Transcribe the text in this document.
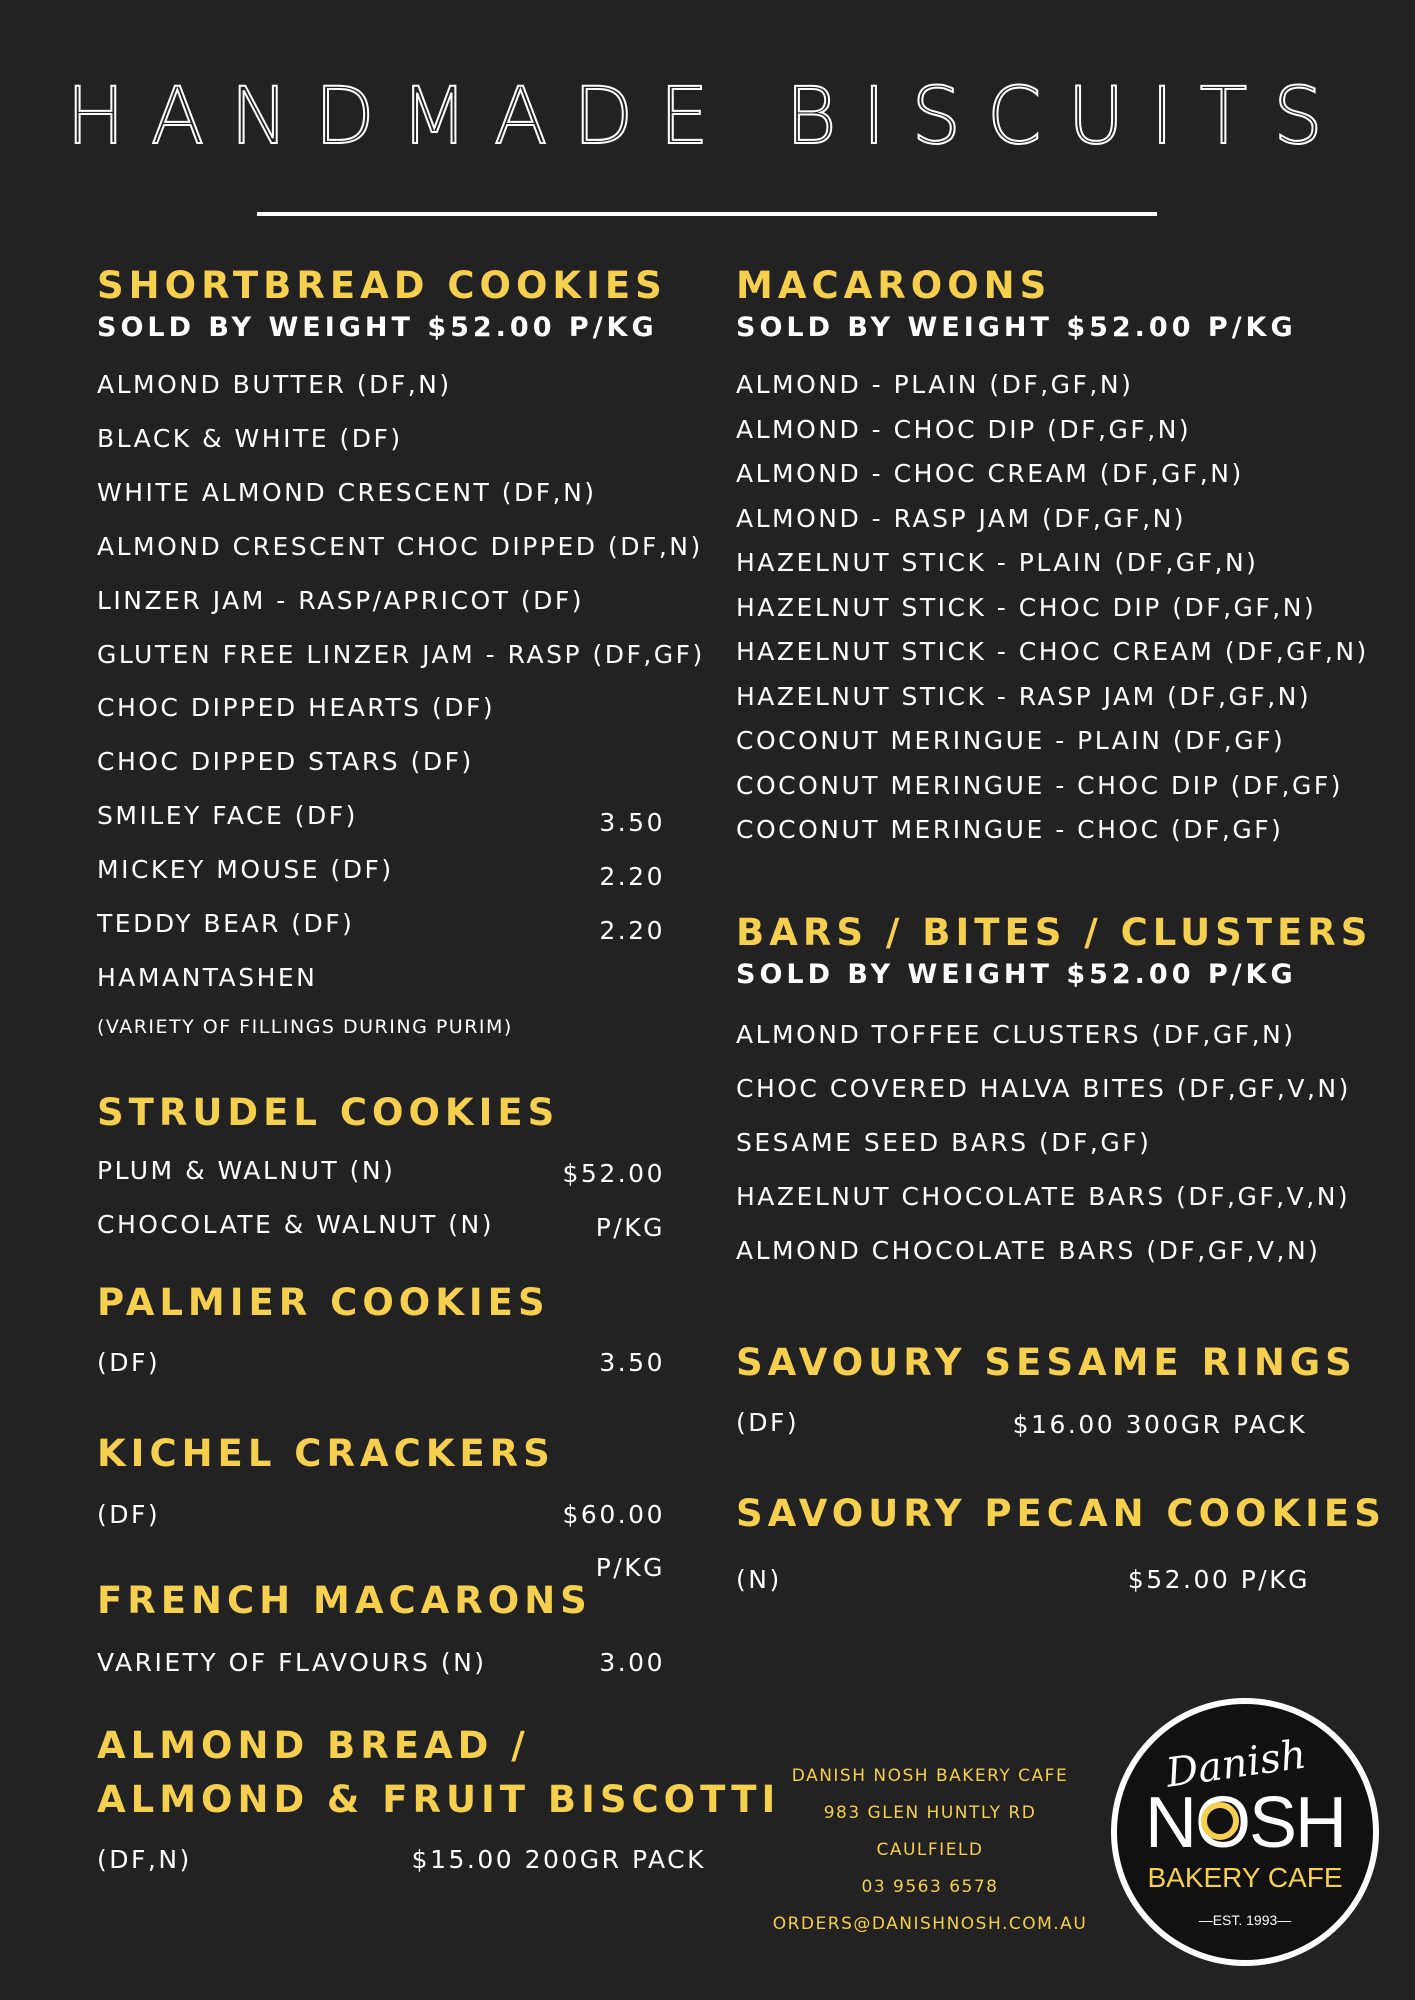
HANDMADE BISCUITS
SHORTBREAD COOKIES
SOLD BY WEIGHT $52.00 P/KG
ALMOND BUTTER (DF,N)
BLACK & WHITE (DF)
WHITE ALMOND CRESCENT (DF,N)
ALMOND CRESCENT CHOC DIPPED (DF,N)
LINZER JAM - RASP/APRICOT (DF)
GLUTEN FREE LINZER JAM - RASP (DF,GF)
CHOC DIPPED HEARTS (DF)
CHOC DIPPED STARS (DF)
SMILEY FACE (DF)	3.50
MICKEY MOUSE (DF)	2.20
TEDDY BEAR (DF)	2.20
HAMANTASHEN
(VARIETY OF FILLINGS DURING PURIM)
STRUDEL COOKIES
PLUM & WALNUT (N)	$52.00
CHOCOLATE & WALNUT (N)	P/KG
PALMIER COOKIES
(DF)	3.50
KICHEL CRACKERS
(DF)	$60.00
P/KG
FRENCH MACARONS
VARIETY OF FLAVOURS (N)	3.00
ALMOND BREAD /
ALMOND & FRUIT BISCOTTI
(DF,N)	$15.00 200GR PACK
MACAROONS
SOLD BY WEIGHT $52.00 P/KG
ALMOND - PLAIN (DF,GF,N)
ALMOND - CHOC DIP (DF,GF,N)
ALMOND - CHOC CREAM (DF,GF,N)
ALMOND - RASP JAM (DF,GF,N)
HAZELNUT STICK - PLAIN (DF,GF,N)
HAZELNUT STICK - CHOC DIP (DF,GF,N)
HAZELNUT STICK - CHOC CREAM (DF,GF,N)
HAZELNUT STICK - RASP JAM (DF,GF,N)
COCONUT MERINGUE - PLAIN (DF,GF)
COCONUT MERINGUE - CHOC DIP (DF,GF)
COCONUT MERINGUE - CHOC (DF,GF)
BARS / BITES / CLUSTERS
SOLD BY WEIGHT $52.00 P/KG
ALMOND TOFFEE CLUSTERS (DF,GF,N)
CHOC COVERED HALVA BITES (DF,GF,V,N)
SESAME SEED BARS (DF,GF)
HAZELNUT CHOCOLATE BARS (DF,GF,V,N)
ALMOND CHOCOLATE BARS (DF,GF,V,N)
SAVOURY SESAME RINGS
(DF)	$16.00 300GR PACK
SAVOURY PECAN COOKIES
(N)	$52.00 P/KG
DANISH NOSH BAKERY CAFE
983 GLEN HUNTLY RD
CAULFIELD
03 9563 6578
ORDERS@DANISHNOSH.COM.AU
Danish
NOSH
BAKERY CAFE
—EST. 1993—
